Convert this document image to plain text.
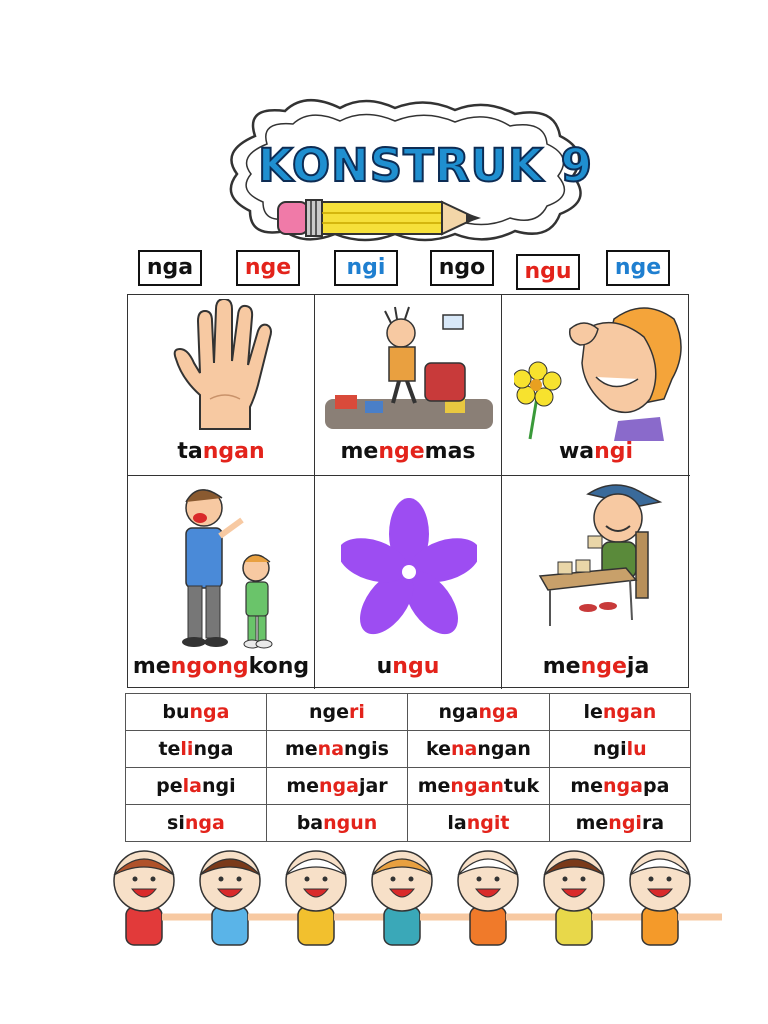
KONSTRUK 9
nga	nge	ngi	ngo	ngu	nge
tangan	mengemas	wangi
mengongkong	ungu	mengeja
bunga	ngeri	nganga	lengan
telinga	menangis	kenangan	ngilu
pelangi	mengajar	mengantuk	mengapa
singa	bangun	langit	mengira
